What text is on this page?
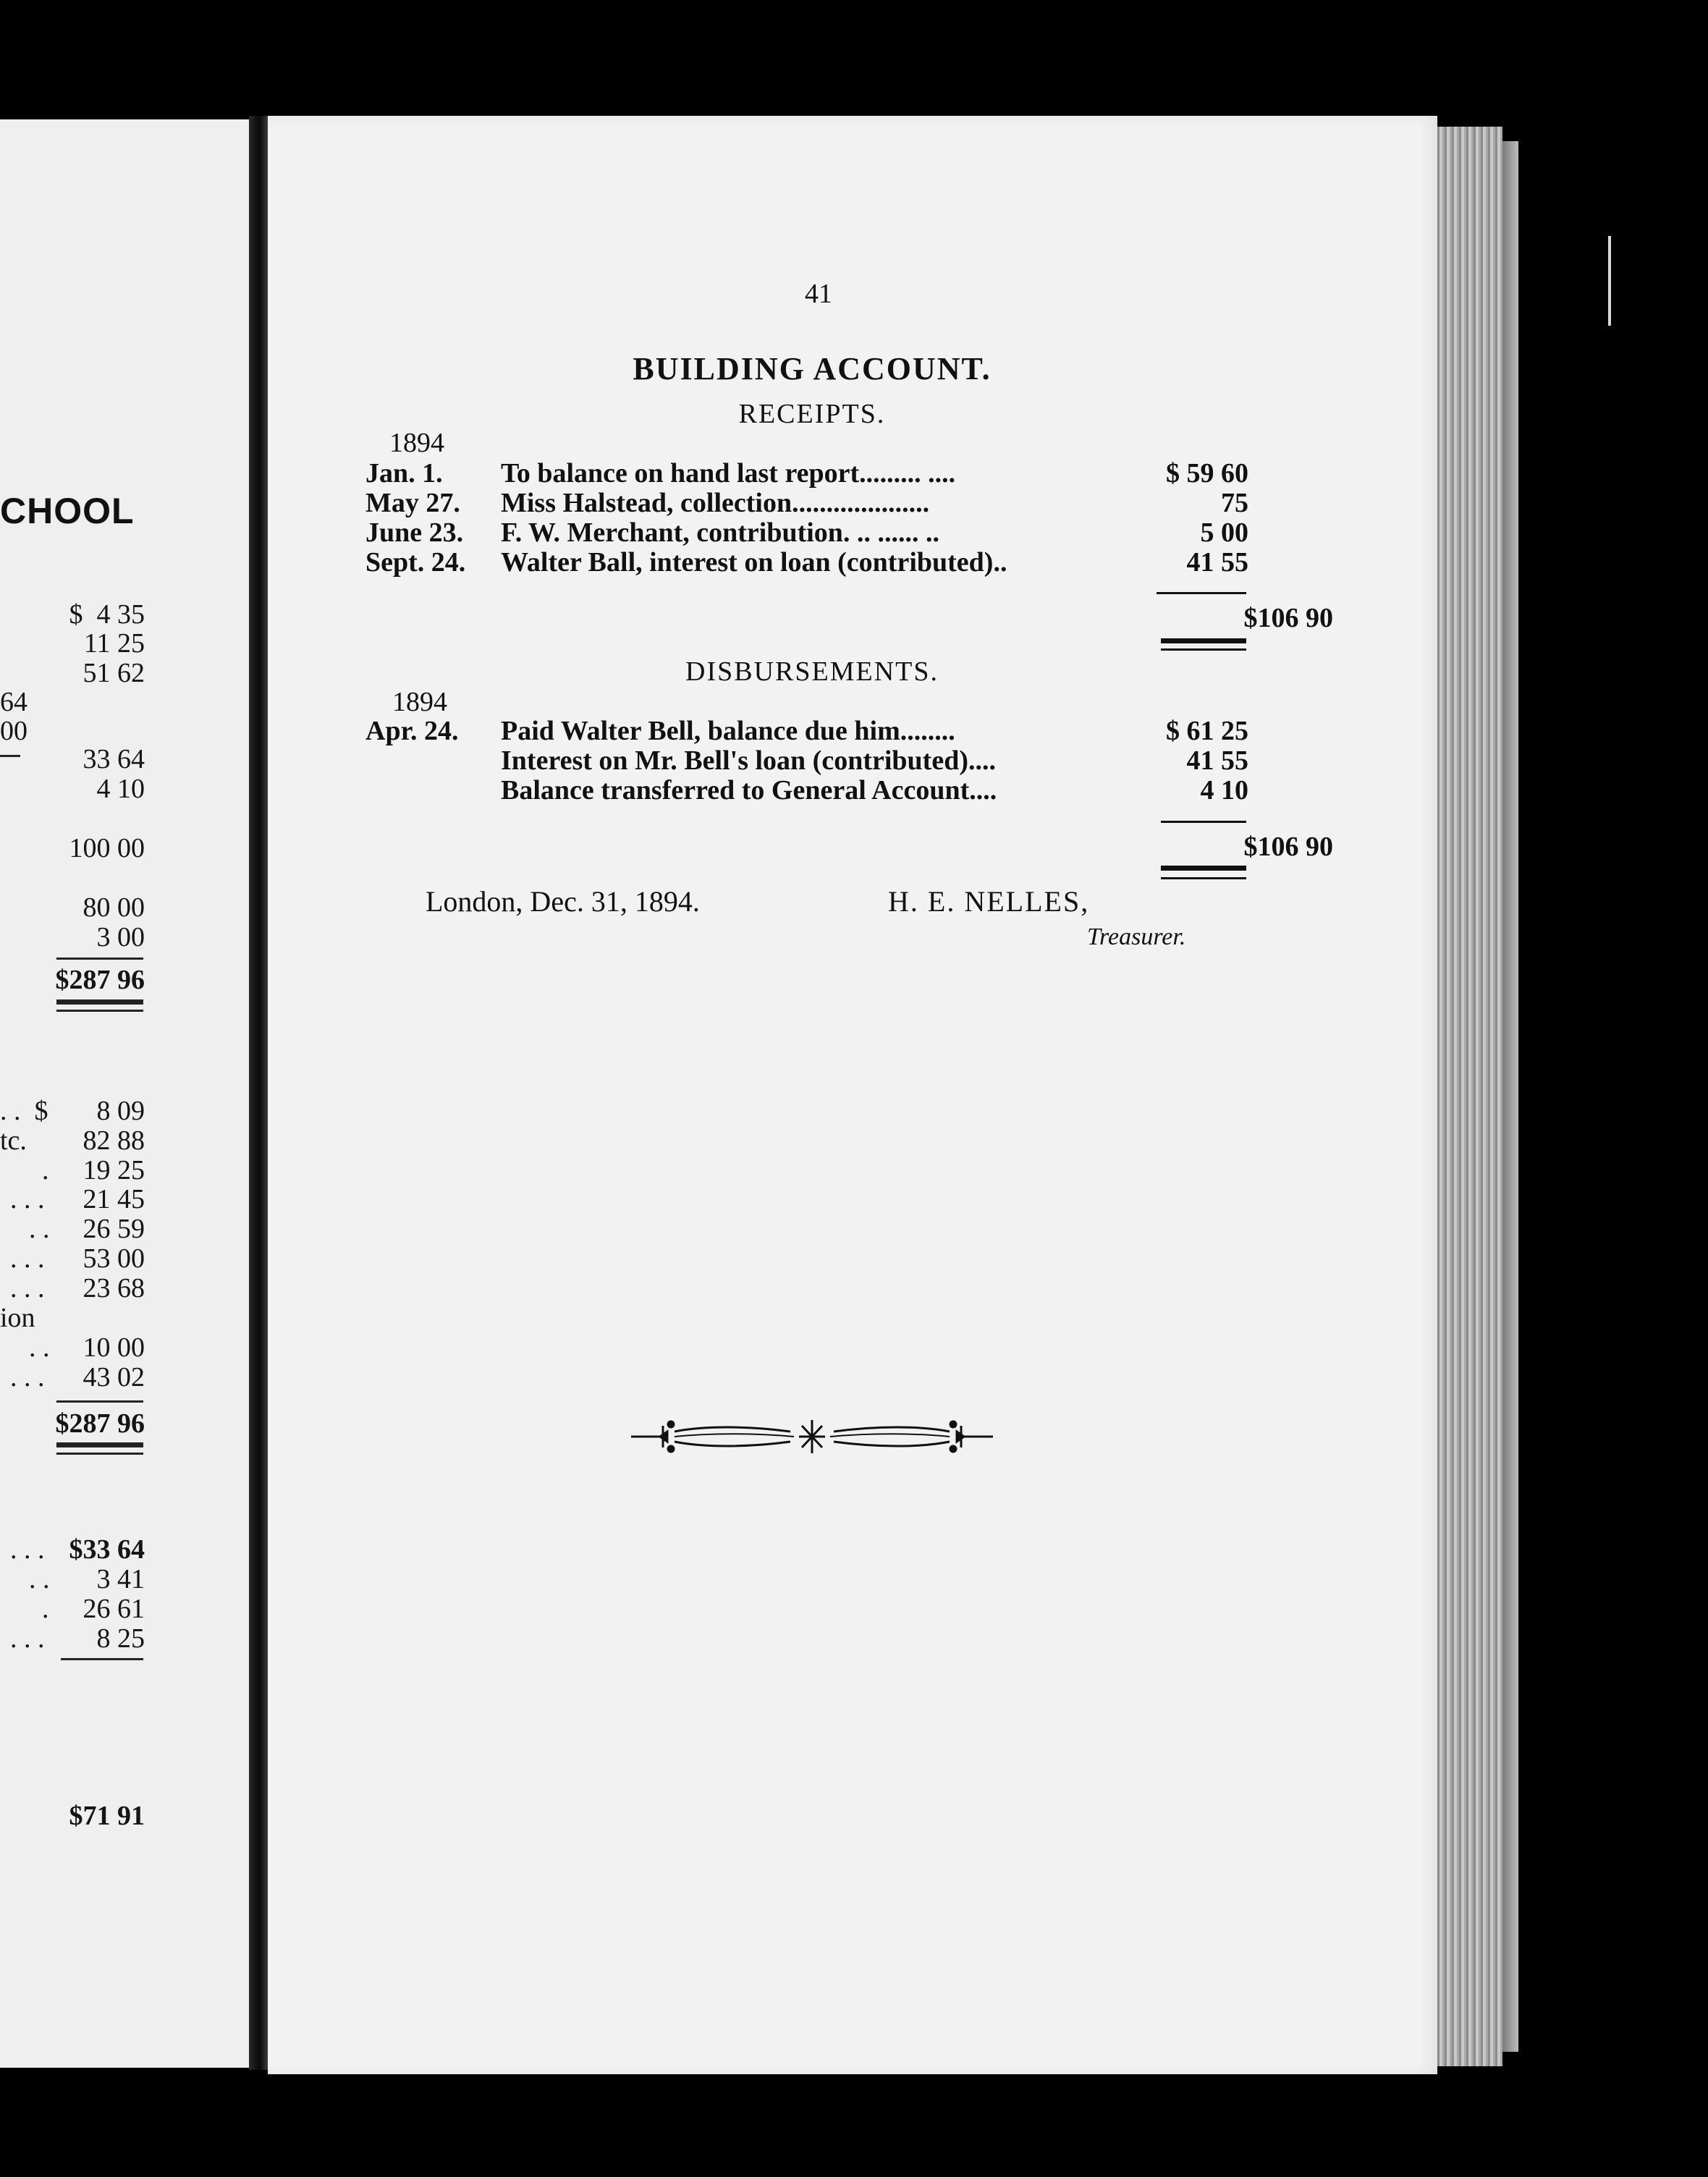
CHOOL
$  4 35
11 25
51 62
64
00
33 64
4 10
100 00
80 00
3 00
$287 96
. .  $ 8 09
tc. 82 88
. 19 25
. . . 21 45
. . 26 59
. . . 53 00
. . . 23 68
ion
. . 10 00
. . . 43 02
$287 96
. . . $33 64
. . 3 41
. 26 61
. . . 8 25
$71 91
41
BUILDING ACCOUNT.
RECEIPTS.
1894
Jan. 1.	To balance on hand last report......... ....	$ 59 60
May 27.	Miss Halstead, collection....................	75
June 23.	F. W. Merchant, contribution. .. ...... ..	5 00
Sept. 24.	Walter Ball, interest on loan (contributed)..	41 55
$106 90
DISBURSEMENTS.
1894
Apr. 24.	Paid Walter Bell, balance due him........	$ 61 25
Interest on Mr. Bell's loan (contributed)....	41 55
Balance transferred to General Account....	4 10
$106 90
London, Dec. 31, 1894.	H. E. NELLES,
Treasurer.
